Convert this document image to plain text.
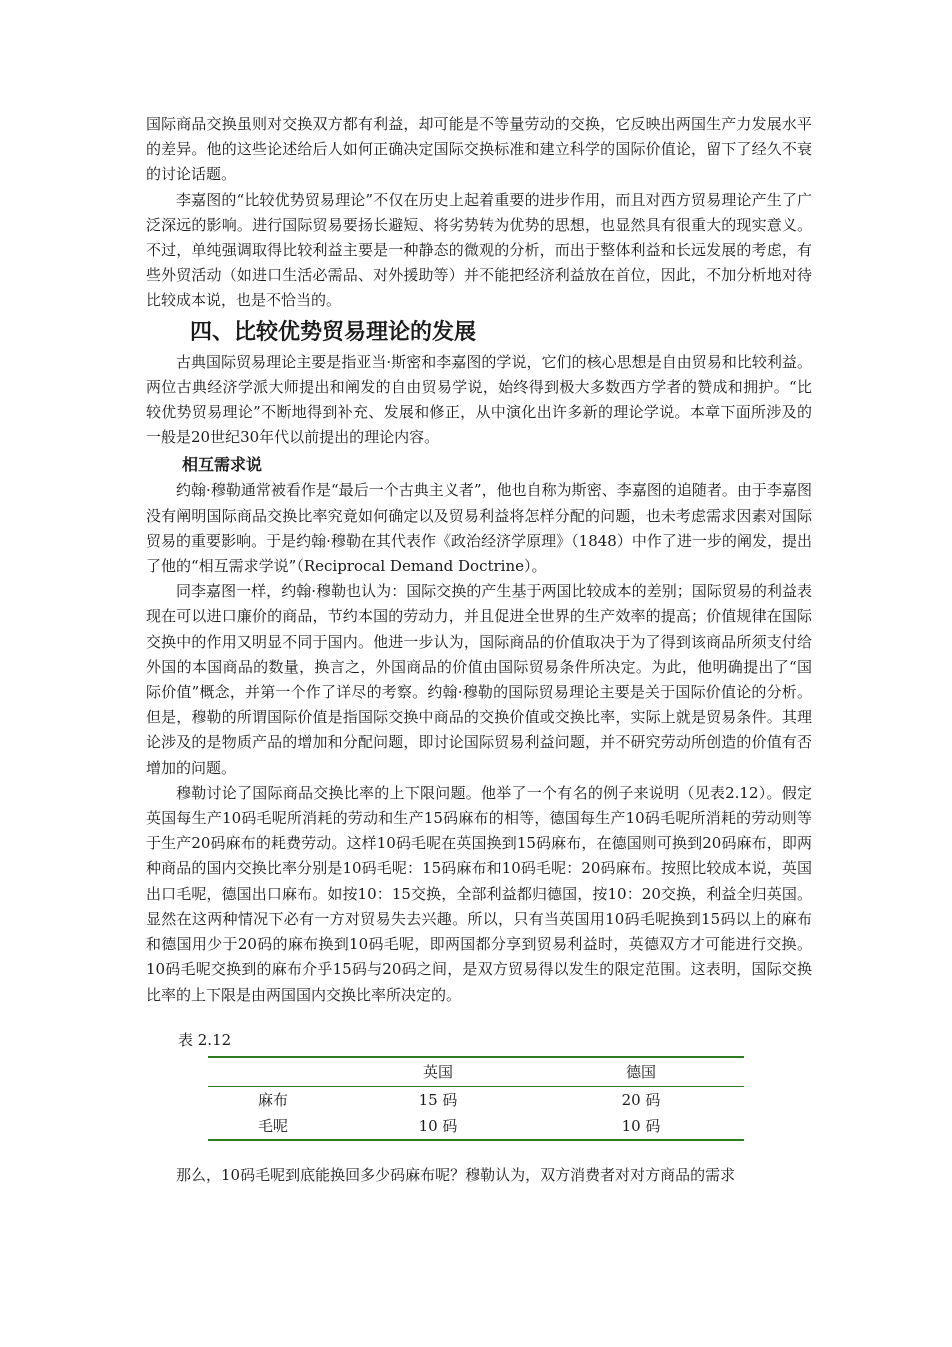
国际商品交换虽则对交换双方都有利益，却可能是不等量劳动的交换，它反映出两国生产力发展水平的差异。他的这些论述给后人如何正确决定国际交换标准和建立科学的国际价值论，留下了经久不衰的讨论话题。

李嘉图的“比较优势贸易理论”不仅在历史上起着重要的进步作用，而且对西方贸易理论产生了广泛深远的影响。进行国际贸易要扬长避短、将劣势转为优势的思想，也显然具有很重大的现实意义。不过，单纯强调取得比较利益主要是一种静态的微观的分析，而出于整体利益和长远发展的考虑，有些外贸活动（如进口生活必需品、对外援助等）并不能把经济利益放在首位，因此，不加分析地对待比较成本说，也是不恰当的。

四、比较优势贸易理论的发展

古典国际贸易理论主要是指亚当·斯密和李嘉图的学说，它们的核心思想是自由贸易和比较利益。两位古典经济学派大师提出和阐发的自由贸易学说，始终得到极大多数西方学者的赞成和拥护。“比较优势贸易理论”不断地得到补充、发展和修正，从中演化出许多新的理论学说。本章下面所涉及的一般是20世纪30年代以前提出的理论内容。

相互需求说

约翰·穆勒通常被看作是“最后一个古典主义者”，他也自称为斯密、李嘉图的追随者。由于李嘉图没有阐明国际商品交换比率究竟如何确定以及贸易利益将怎样分配的问题，也未考虑需求因素对国际贸易的重要影响。于是约翰·穆勒在其代表作《政治经济学原理》（1848）中作了进一步的阐发，提出了他的“相互需求学说”（Reciprocal Demand Doctrine）。

同李嘉图一样，约翰·穆勒也认为：国际交换的产生基于两国比较成本的差别；国际贸易的利益表现在可以进口廉价的商品，节约本国的劳动力，并且促进全世界的生产效率的提高；价值规律在国际交换中的作用又明显不同于国内。他进一步认为，国际商品的价值取决于为了得到该商品所须支付给外国的本国商品的数量，换言之，外国商品的价值由国际贸易条件所决定。为此，他明确提出了“国际价值”概念，并第一个作了详尽的考察。约翰·穆勒的国际贸易理论主要是关于国际价值论的分析。但是，穆勒的所谓国际价值是指国际交换中商品的交换价值或交换比率，实际上就是贸易条件。其理论涉及的是物质产品的增加和分配问题，即讨论国际贸易利益问题，并不研究劳动所创造的价值有否增加的问题。

穆勒讨论了国际商品交换比率的上下限问题。他举了一个有名的例子来说明（见表2.12）。假定英国每生产10码毛呢所消耗的劳动和生产15码麻布的相等，德国每生产10码毛呢所消耗的劳动则等于生产20码麻布的耗费劳动。这样10码毛呢在英国换到15码麻布，在德国则可换到20码麻布，即两种商品的国内交换比率分别是10码毛呢：15码麻布和10码毛呢：20码麻布。按照比较成本说，英国出口毛呢，德国出口麻布。如按10：15交换，全部利益都归德国，按10：20交换，利益全归英国。显然在这两种情况下必有一方对贸易失去兴趣。所以，只有当英国用10码毛呢换到15码以上的麻布和德国用少于20码的麻布换到10码毛呢，即两国都分享到贸易利益时，英德双方才可能进行交换。10码毛呢交换到的麻布介乎15码与20码之间，是双方贸易得以发生的限定范围。这表明，国际交换比率的上下限是由两国国内交换比率所决定的。

表 2.12
	英国	德国
麻布	15 码	20 码
毛呢	10 码	10 码

那么，10码毛呢到底能换回多少码麻布呢？穆勒认为，双方消费者对对方商品的需求
